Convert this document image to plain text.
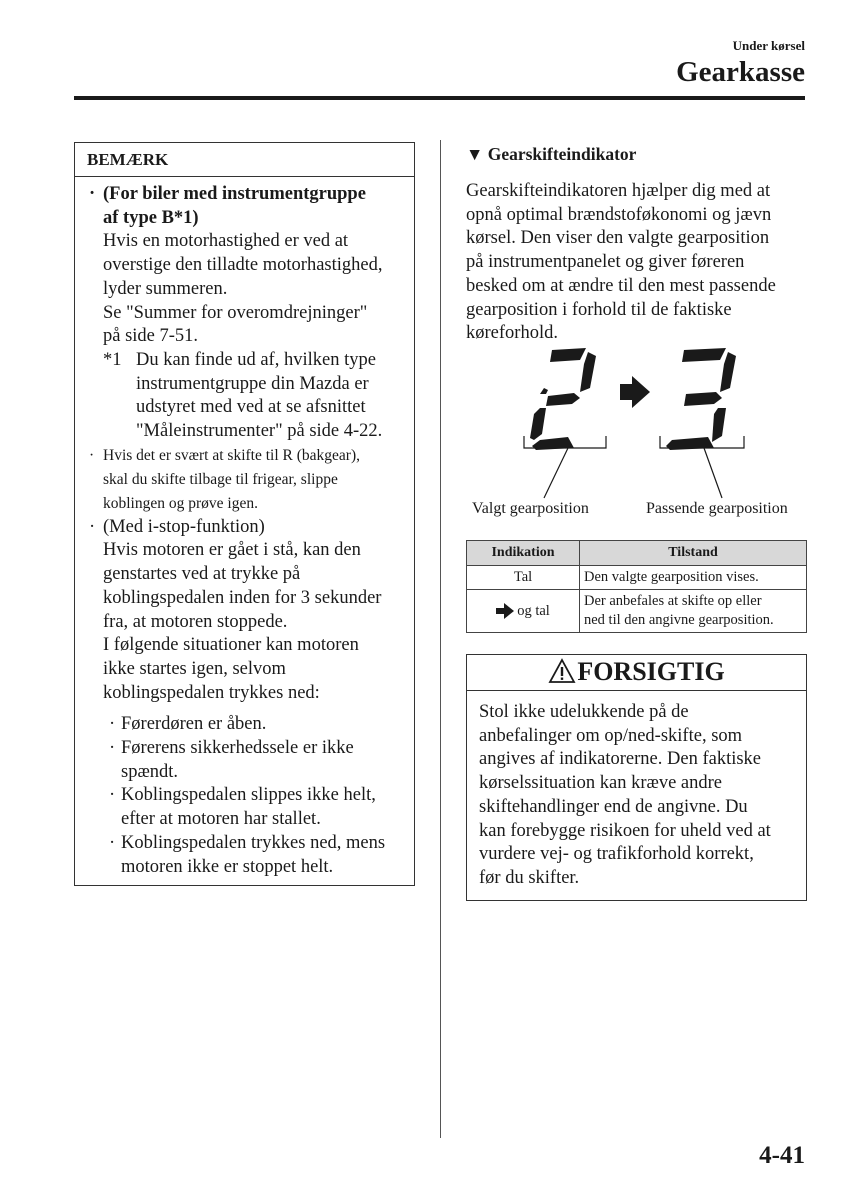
Under kørsel
Gearkasse
BEMÆRK
· (For biler med instrumentgruppe
af type B*1)
Hvis en motorhastighed er ved at
overstige den tilladte motorhastighed,
lyder summeren.
Se "Summer for overomdrejninger"
på side 7-51.
*1 Du kan finde ud af, hvilken type
instrumentgruppe din Mazda er
udstyret med ved at se afsnittet
"Måleinstrumenter" på side 4-22.
· Hvis det er svært at skifte til R (bakgear),
skal du skifte tilbage til frigear, slippe
koblingen og prøve igen.
· (Med i-stop-funktion)
Hvis motoren er gået i stå, kan den
genstartes ved at trykke på
koblingspedalen inden for 3 sekunder
fra, at motoren stoppede.
I følgende situationer kan motoren
ikke startes igen, selvom
koblingspedalen trykkes ned:
· Førerdøren er åben.
· Førerens sikkerhedssele er ikke
spændt.
· Koblingspedalen slippes ikke helt,
efter at motoren har stallet.
· Koblingspedalen trykkes ned, mens
motoren ikke er stoppet helt.
▼ Gearskifteindikator
Gearskifteindikatoren hjælper dig med at
opnå optimal brændstoføkonomi og jævn
kørsel. Den viser den valgte gearposition
på instrumentpanelet og giver føreren
besked om at ændre til den mest passende
gearposition i forhold til de faktiske
køreforhold.
Valgt gearposition	Passende gearposition
Indikation	Tilstand
Tal	Den valgte gearposition vises.
og tal	Der anbefales at skifte op eller
ned til den angivne gearposition.
FORSIGTIG
Stol ikke udelukkende på de
anbefalinger om op/ned-skifte, som
angives af indikatorerne. Den faktiske
kørselssituation kan kræve andre
skiftehandlinger end de angivne. Du
kan forebygge risikoen for uheld ved at
vurdere vej- og trafikforhold korrekt,
før du skifter.
4-41
